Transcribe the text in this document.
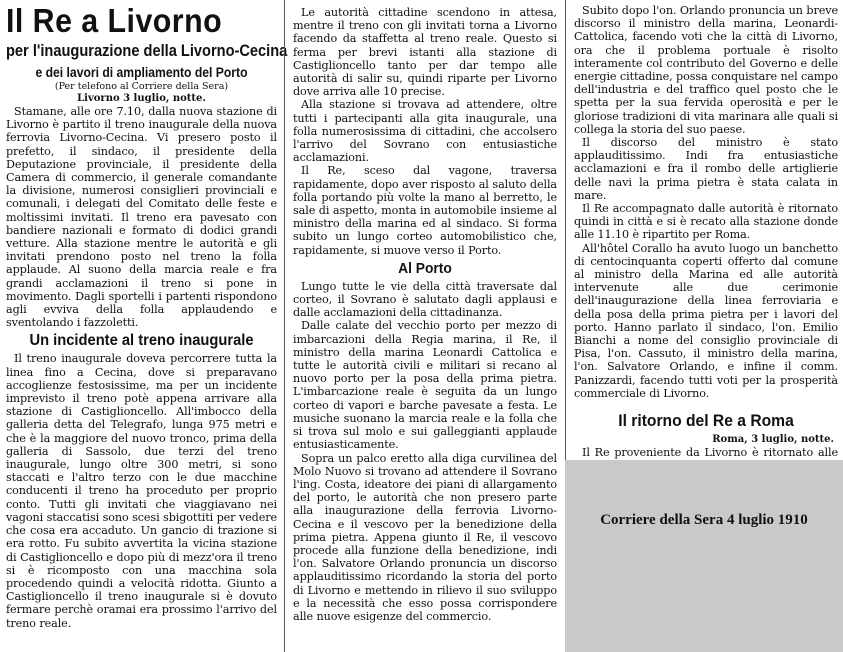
Il Re a Livorno
per l'inaugurazione della Livorno-Cecina
e dei lavori di ampliamento del Porto
(Per telefono al Corriere della Sera)
Livorno 3 luglio, notte.

Stamane, alle ore 7.10, dalla nuova stazione di Livorno è partito il treno inaugurale della nuova ferrovia Livorno-Cecina. Vi presero posto il prefetto, il sindaco, il presidente della Deputazione provinciale, il presidente della Camera di commercio, il generale comandante la divisione, numerosi consiglieri provinciali e comunali, i delegati del Comitato delle feste e moltissimi invitati. Il treno era pavesato con bandiere nazionali e formato di dodici grandi vetture. Alla stazione mentre le autorità e gli invitati prendono posto nel treno la folla applaude. Al suono della marcia reale e fra grandi acclamazioni il treno si pone in movimento. Dagli sportelli i partenti rispondono agli evviva della folla applaudendo e sventolando i fazzoletti.

Un incidente al treno inaugurale

Il treno inaugurale doveva percorrere tutta la linea fino a Cecina, dove si preparavano accoglienze festosissime, ma per un incidente imprevisto il treno potè appena arrivare alla stazione di Castiglioncello. All'imbocco della galleria detta del Telegrafo, lunga 975 metri e che è la maggiore del nuovo tronco, prima della galleria di Sassolo, due terzi del treno inaugurale, lungo oltre 300 metri, si sono staccati e l'altro terzo con le due macchine conducenti il treno ha proceduto per proprio conto. Tutti gli invitati che viaggiavano nei vagoni staccatisi sono scesi sbigottiti per vedere che cosa era accaduto. Un gancio di trazione si era rotto. Fu subito avvertita la vicina stazione di Castiglioncello e dopo più di mezz'ora il treno si è ricomposto con una macchina sola procedendo quindi a velocità ridotta. Giunto a Castiglioncello il treno inaugurale si è dovuto fermare perchè oramai era prossimo l'arrivo del treno reale.

Le autorità cittadine scendono in attesa, mentre il treno con gli invitati torna a Livorno facendo da staffetta al treno reale. Questo si ferma per brevi istanti alla stazione di Castiglioncello tanto per dar tempo alle autorità di salir su, quindi riparte per Livorno dove arriva alle 10 precise.

Alla stazione si trovava ad attendere, oltre tutti i partecipanti alla gita inaugurale, una folla numerosissima di cittadini, che accolsero l'arrivo del Sovrano con entusiastiche acclamazioni.

Il Re, sceso dal vagone, traversa rapidamente, dopo aver risposto al saluto della folla portando più volte la mano al berretto, le sale di aspetto, monta in automobile insieme al ministro della marina ed al sindaco. Si forma subito un lungo corteo automobilistico che, rapidamente, si muove verso il Porto.

Al Porto

Lungo tutte le vie della città traversate dal corteo, il Sovrano è salutato dagli applausi e dalle acclamazioni della cittadinanza.

Dalle calate del vecchio porto per mezzo di imbarcazioni della Regia marina, il Re, il ministro della marina Leonardi Cattolica e tutte le autorità civili e militari si recano al nuovo porto per la posa della prima pietra. L'imbarcazione reale è seguita da un lungo corteo di vapori e barche pavesate a festa. Le musiche suonano la marcia reale e la folla che si trova sul molo e sui galleggianti applaude entusiasticamente.

Sopra un palco eretto alla diga curvilinea del Molo Nuovo si trovano ad attendere il Sovrano l'ing. Costa, ideatore dei piani di allargamento del porto, le autorità che non presero parte alla inaugurazione della ferrovia Livorno-Cecina e il vescovo per la benedizione della prima pietra. Appena giunto il Re, il vescovo procede alla funzione della benedizione, indi l'on. Salvatore Orlando pronuncia un discorso applauditissimo ricordando la storia del porto di Livorno e mettendo in rilievo il suo sviluppo e la necessità che esso possa corrispondere alle nuove esigenze del commercio.

Subito dopo l'on. Orlando pronuncia un breve discorso il ministro della marina, Leonardi-Cattolica, facendo voti che la città di Livorno, ora che il problema portuale è risolto interamente col contributo del Governo e delle energie cittadine, possa conquistare nel campo dell'industria e del traffico quel posto che le spetta per la sua fervida operosità e per le gloriose tradizioni di vita marinara alle quali si collega la storia del suo paese.

Il discorso del ministro è stato applauditissimo. Indi fra entusiastiche acclamazioni e fra il rombo delle artiglierie delle navi la prima pietra è stata calata in mare.

Il Re accompagnato dalle autorità è ritornato quindi in città e si è recato alla stazione donde alle 11.10 è ripartito per Roma.

All'hôtel Corallo ha avuto luogo un banchetto di centocinquanta coperti offerto dal comune al ministro della Marina ed alle autorità intervenute alle due cerimonie dell'inaugurazione della linea ferroviaria e della posa della prima pietra per i lavori del porto. Hanno parlato il sindaco, l'on. Emilio Bianchi a nome del consiglio provinciale di Pisa, l'on. Cassuto, il ministro della marina, l'on. Salvatore Orlando, e infine il comm. Panizzardi, facendo tutti voti per la prosperità commerciale di Livorno.

Il ritorno del Re a Roma
Roma, 3 luglio, notte.

Il Re proveniente da Livorno è ritornato alle

Corriere della Sera 4 luglio 1910
